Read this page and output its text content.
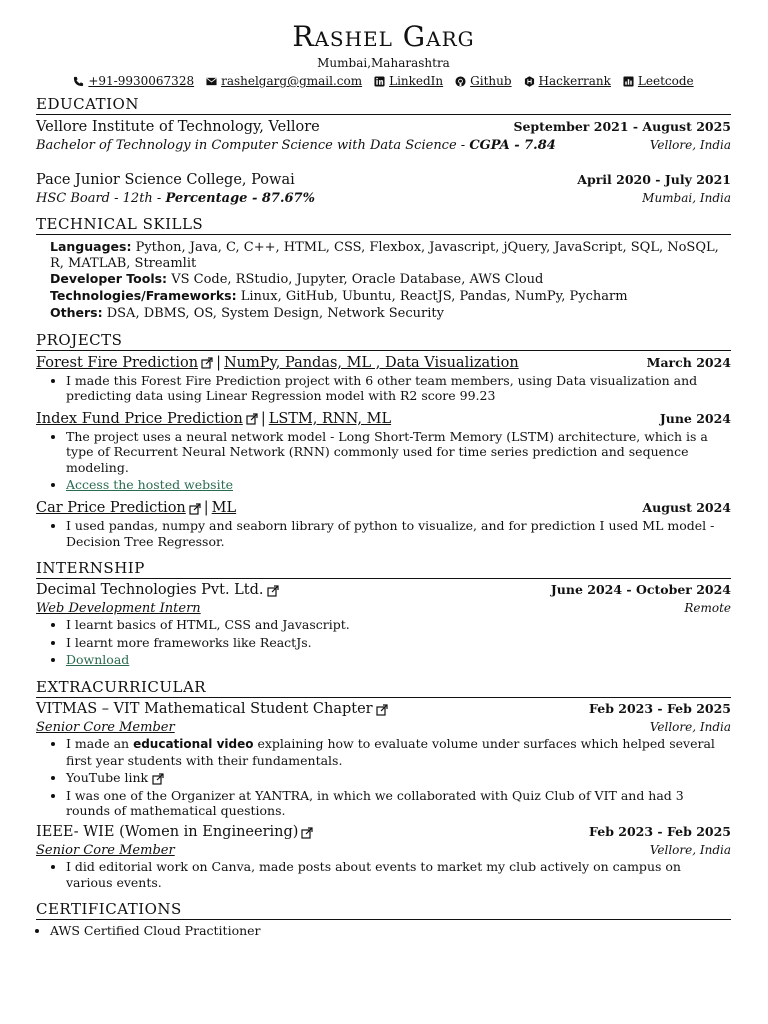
Rashel Garg
Mumbai,Maharashtra
+91-9930067328 rashelgarg@gmail.com LinkedIn Github Hackerrank Leetcode
EDUCATION
Vellore Institute of Technology, Vellore	September 2021 - August 2025
Bachelor of Technology in Computer Science with Data Science - CGPA - 7.84	Vellore, India
Pace Junior Science College, Powai	April 2020 - July 2021
HSC Board - 12th - Percentage - 87.67%	Mumbai, India
TECHNICAL SKILLS
Languages: Python, Java, C, C++, HTML, CSS, Flexbox, Javascript, jQuery, JavaScript, SQL, NoSQL, R, MATLAB, Streamlit
Developer Tools: VS Code, RStudio, Jupyter, Oracle Database, AWS Cloud
Technologies/Frameworks: Linux, GitHub, Ubuntu, ReactJS, Pandas, NumPy, Pycharm
Others: DSA, DBMS, OS, System Design, Network Security
PROJECTS
Forest Fire Prediction | NumPy, Pandas, ML , Data Visualization	March 2024
• I made this Forest Fire Prediction project with 6 other team members, using Data visualization and predicting data using Linear Regression model with R2 score 99.23
Index Fund Price Prediction | LSTM, RNN, ML	June 2024
• The project uses a neural network model - Long Short-Term Memory (LSTM) architecture, which is a type of Recurrent Neural Network (RNN) commonly used for time series prediction and sequence modeling.
• Access the hosted website
Car Price Prediction | ML	August 2024
• I used pandas, numpy and seaborn library of python to visualize, and for prediction I used ML model -Decision Tree Regressor.
INTERNSHIP
Decimal Technologies Pvt. Ltd.	June 2024 - October 2024
Web Development Intern	Remote
• I learnt basics of HTML, CSS and Javascript.
• I learnt more frameworks like ReactJs.
• Download
EXTRACURRICULAR
VITMAS – VIT Mathematical Student Chapter	Feb 2023 - Feb 2025
Senior Core Member	Vellore, India
• I made an educational video explaining how to evaluate volume under surfaces which helped several first year students with their fundamentals.
• YouTube link
• I was one of the Organizer at YANTRA, in which we collaborated with Quiz Club of VIT and had 3 rounds of mathematical questions.
IEEE- WIE (Women in Engineering)	Feb 2023 - Feb 2025
Senior Core Member	Vellore, India
• I did editorial work on Canva, made posts about events to market my club actively on campus on various events.
CERTIFICATIONS
• AWS Certified Cloud Practitioner
